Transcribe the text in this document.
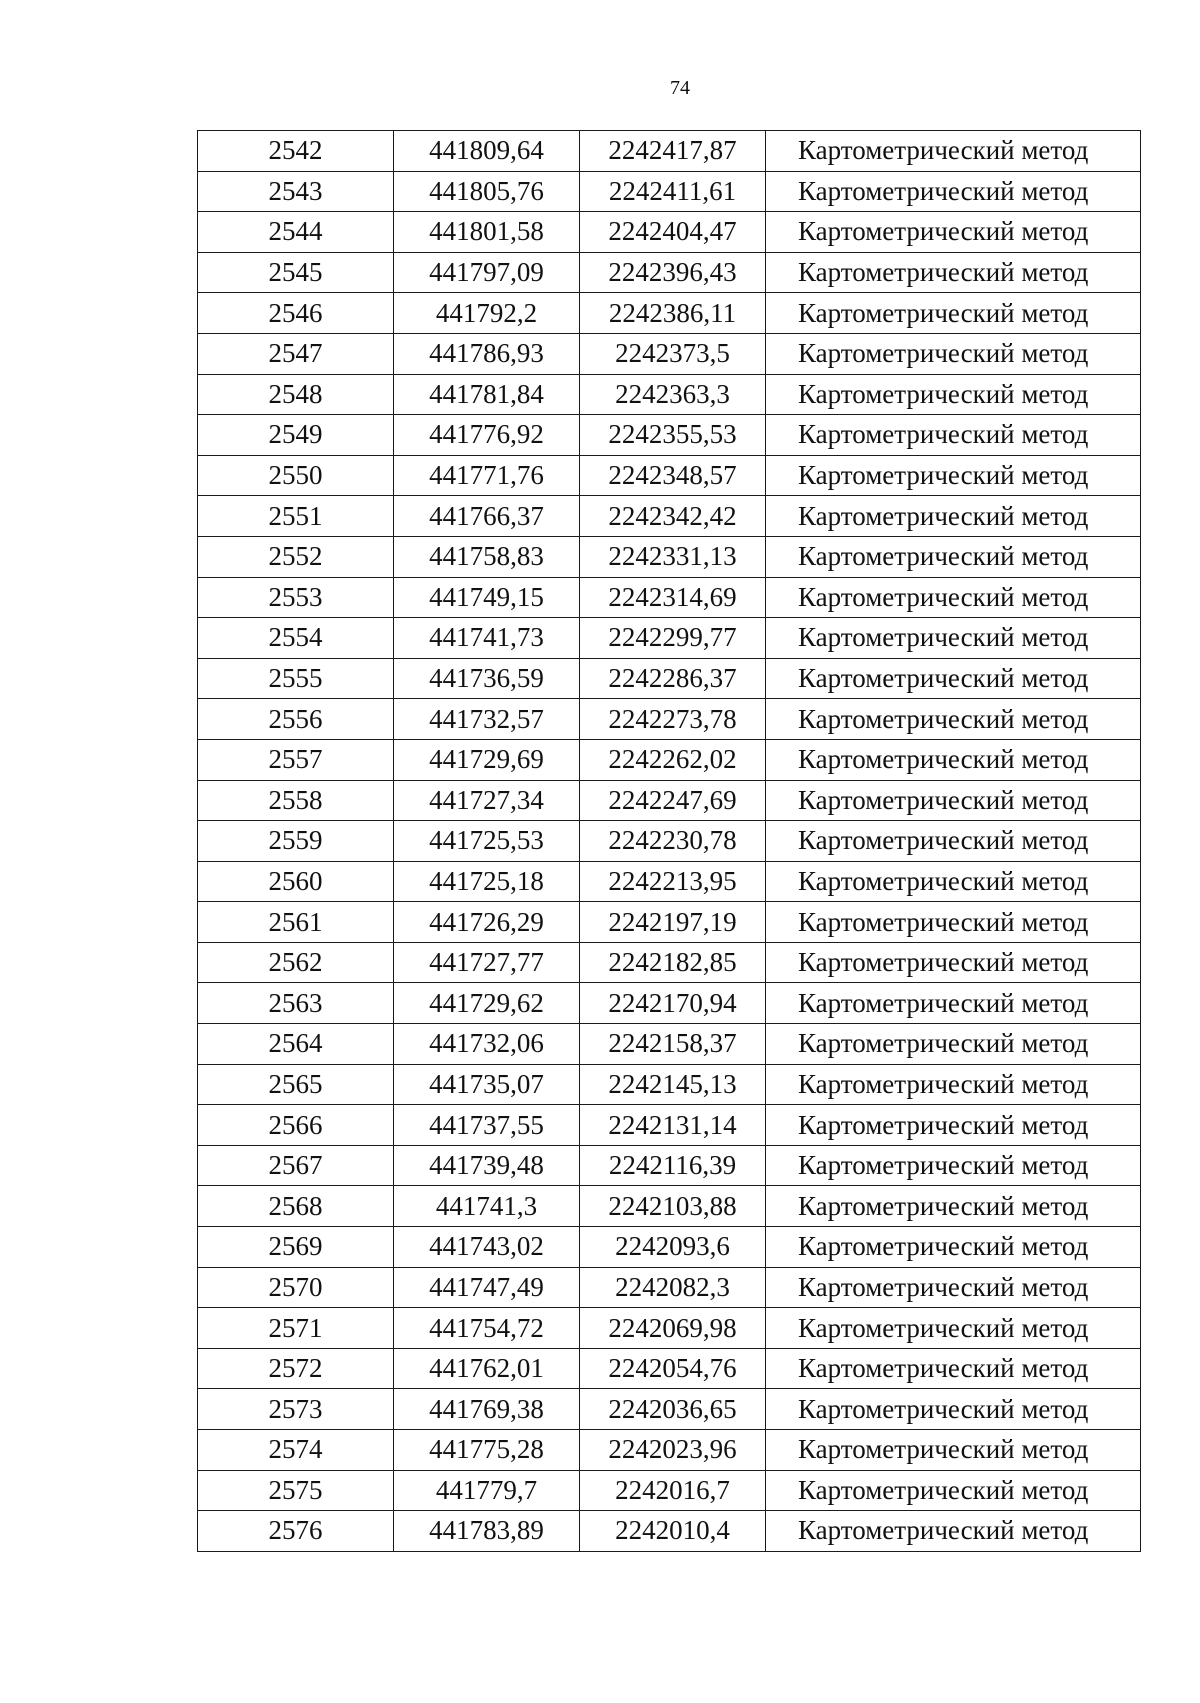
74
2542	441809,64	2242417,87	Картометрический метод
2543	441805,76	2242411,61	Картометрический метод
2544	441801,58	2242404,47	Картометрический метод
2545	441797,09	2242396,43	Картометрический метод
2546	441792,2	2242386,11	Картометрический метод
2547	441786,93	2242373,5	Картометрический метод
2548	441781,84	2242363,3	Картометрический метод
2549	441776,92	2242355,53	Картометрический метод
2550	441771,76	2242348,57	Картометрический метод
2551	441766,37	2242342,42	Картометрический метод
2552	441758,83	2242331,13	Картометрический метод
2553	441749,15	2242314,69	Картометрический метод
2554	441741,73	2242299,77	Картометрический метод
2555	441736,59	2242286,37	Картометрический метод
2556	441732,57	2242273,78	Картометрический метод
2557	441729,69	2242262,02	Картометрический метод
2558	441727,34	2242247,69	Картометрический метод
2559	441725,53	2242230,78	Картометрический метод
2560	441725,18	2242213,95	Картометрический метод
2561	441726,29	2242197,19	Картометрический метод
2562	441727,77	2242182,85	Картометрический метод
2563	441729,62	2242170,94	Картометрический метод
2564	441732,06	2242158,37	Картометрический метод
2565	441735,07	2242145,13	Картометрический метод
2566	441737,55	2242131,14	Картометрический метод
2567	441739,48	2242116,39	Картометрический метод
2568	441741,3	2242103,88	Картометрический метод
2569	441743,02	2242093,6	Картометрический метод
2570	441747,49	2242082,3	Картометрический метод
2571	441754,72	2242069,98	Картометрический метод
2572	441762,01	2242054,76	Картометрический метод
2573	441769,38	2242036,65	Картометрический метод
2574	441775,28	2242023,96	Картометрический метод
2575	441779,7	2242016,7	Картометрический метод
2576	441783,89	2242010,4	Картометрический метод
